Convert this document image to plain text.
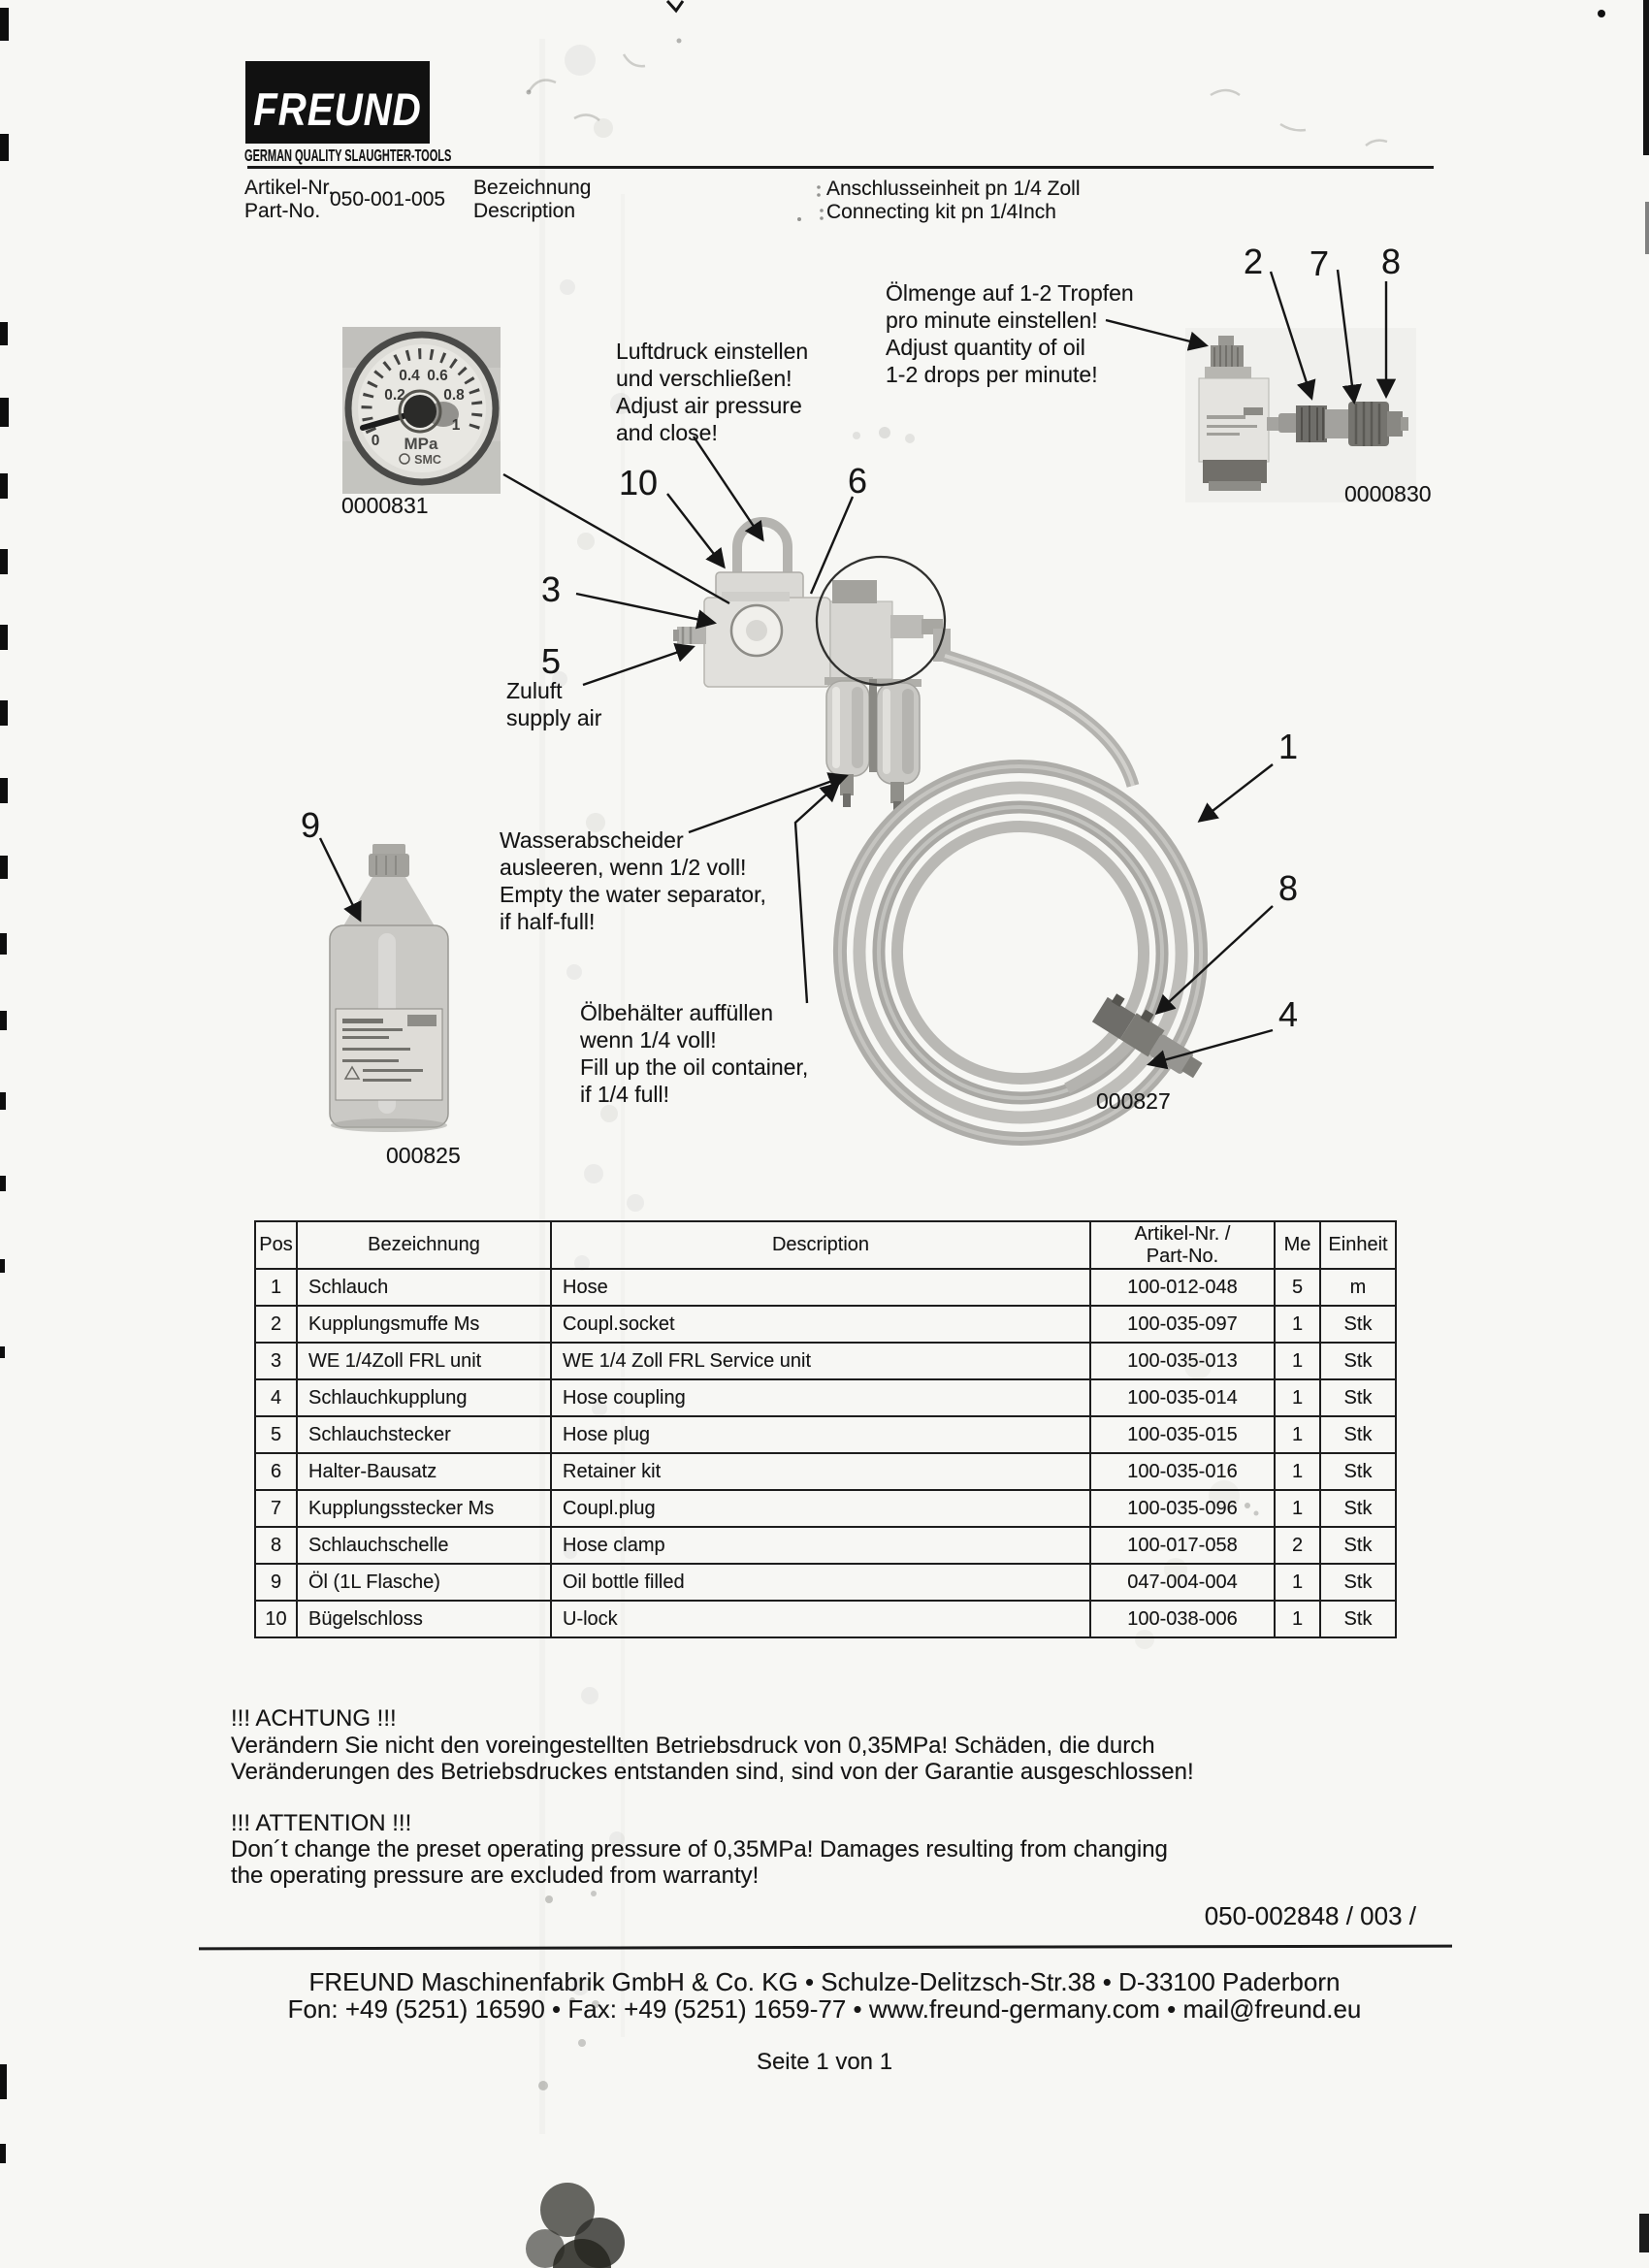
0
0.2
0.4 0.6
0.8
1
MPa
SMC
FREUND
GERMAN QUALITY SLAUGHTER-TOOLS
Artikel-Nr.
Part-No.
050-001-005
Bezeichnung
Description
Anschlusseinheit pn 1/4 Zoll
Connecting kit pn 1/4Inch
Ölmenge auf 1-2 Tropfen
pro minute einstellen!
Adjust quantity of oil
1-2 drops per minute!
Luftdruck einstellen
und verschließen!
Adjust air pressure
and close!
Zuluft
supply air
Wasserabscheider
ausleeren, wenn 1/2 voll!
Empty the water separator,
if half-full!
Ölbehälter auffüllen
wenn 1/4 voll!
Fill up the oil container,
if 1/4 full!
10	6
3
5
9
2 7 8
1
8
4
0000831	0000830
000825
000827
Pos	Bezeichnung	Description	Artikel-Nr. /
Part-No.	Me	Einheit
1	Schlauch	Hose	100-012-048	5	m
2	Kupplungsmuffe Ms	Coupl.socket	100-035-097	1	Stk
3	WE 1/4Zoll FRL unit	WE 1/4 Zoll FRL Service unit	100-035-013	1	Stk
4	Schlauchkupplung	Hose coupling	100-035-014	1	Stk
5	Schlauchstecker	Hose plug	100-035-015	1	Stk
6	Halter-Bausatz	Retainer kit	100-035-016	1	Stk
7	Kupplungsstecker Ms	Coupl.plug	100-035-096	1	Stk
8	Schlauchschelle	Hose clamp	100-017-058	2	Stk
9	Öl (1L Flasche)	Oil bottle filled	047-004-004	1	Stk
10	Bügelschloss	U-lock	100-038-006	1	Stk
!!! ACHTUNG !!!
Verändern Sie nicht den voreingestellten Betriebsdruck von 0,35MPa! Schäden, die durch
Veränderungen des Betriebsdruckes entstanden sind, sind von der Garantie ausgeschlossen!
!!! ATTENTION !!!
Don´t change the preset operating pressure of 0,35MPa! Damages resulting from changing
the operating pressure are excluded from warranty!
050-002848 / 003 /
FREUND Maschinenfabrik GmbH & Co. KG • Schulze-Delitzsch-Str.38 • D-33100 Paderborn
Fon: +49 (5251) 16590 • Fax: +49 (5251) 1659-77 • www.freund-germany.com • mail@freund.eu
Seite 1 von 1
